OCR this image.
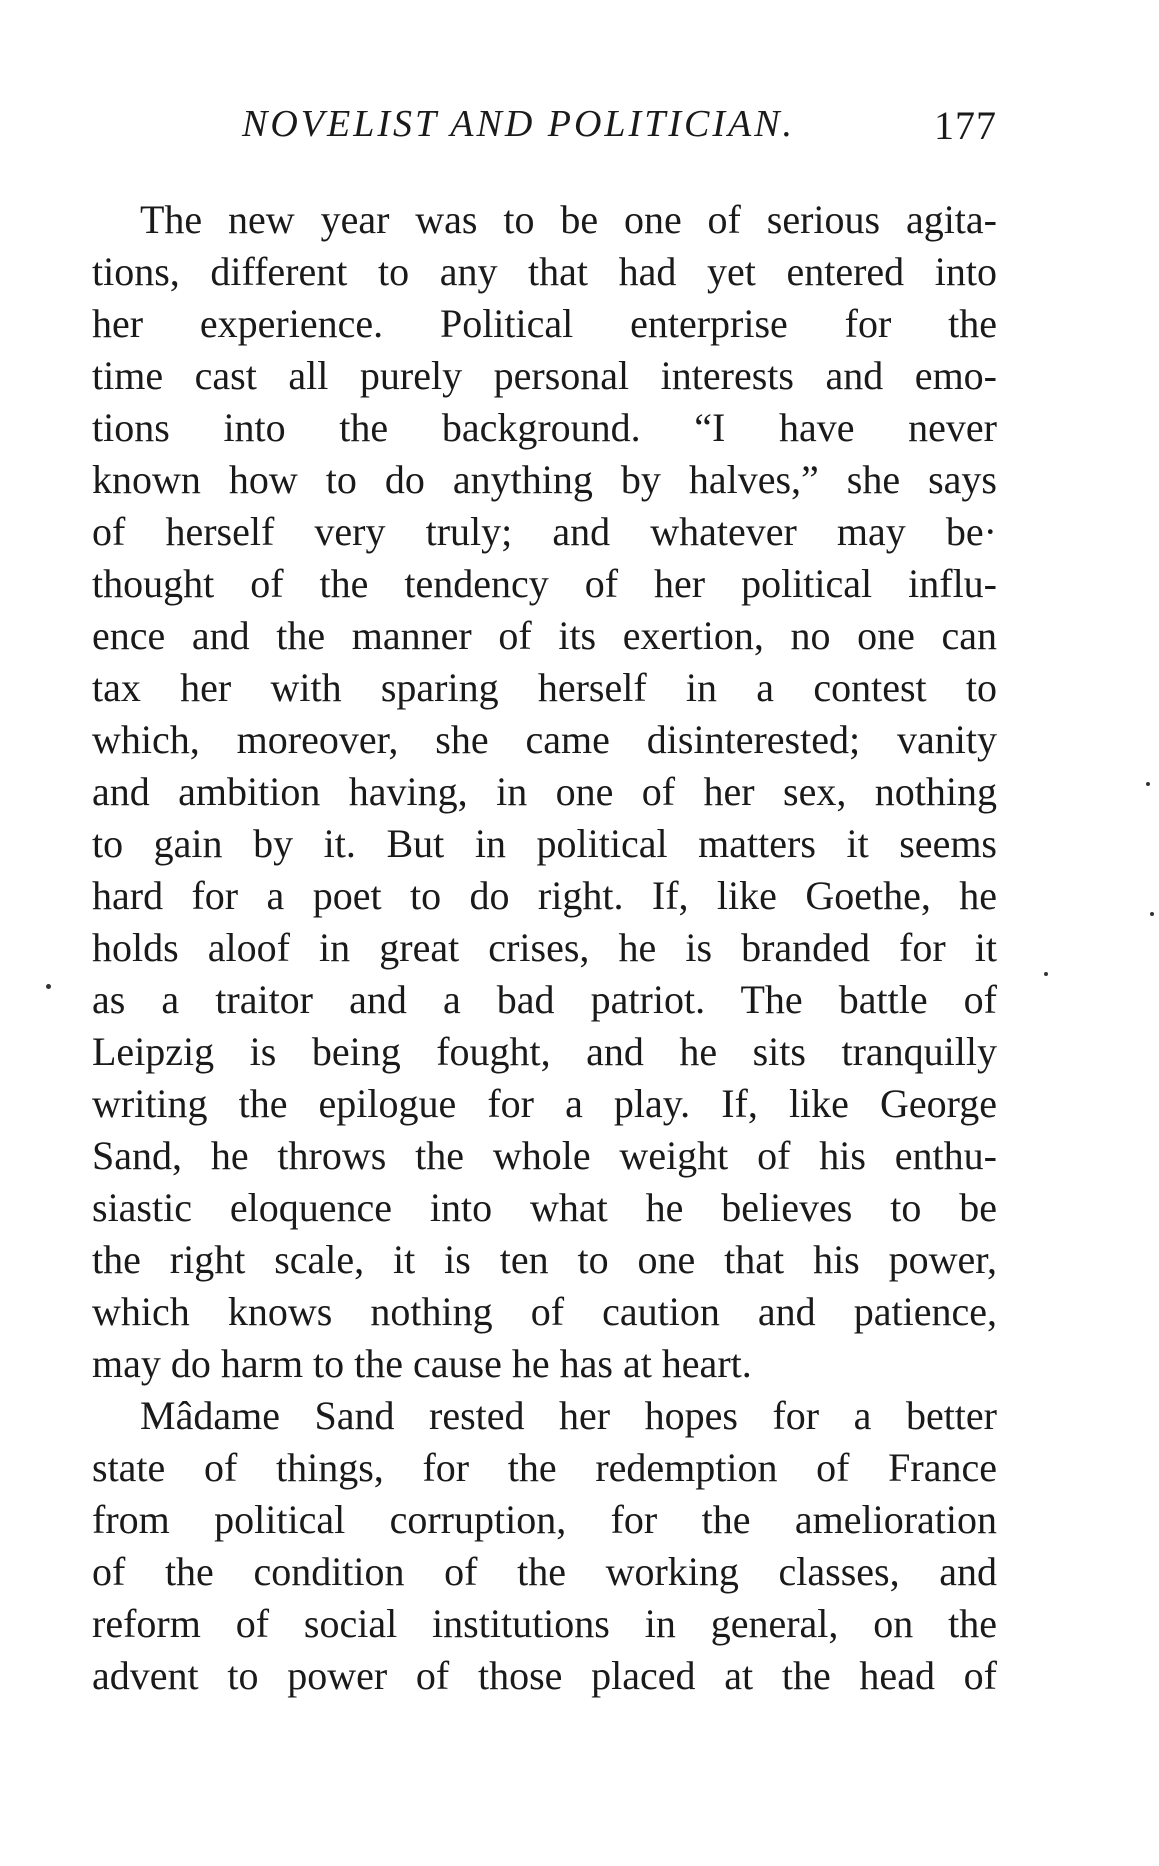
NOVELIST AND POLITICIAN.	177
The new year was to be one of serious agita-
tions, different to any that had yet entered into
her experience. Political enterprise for the
time cast all purely personal interests and emo-
tions into the background. “I have never
known how to do anything by halves,” she says
of herself very truly; and whatever may be·
thought of the tendency of her political influ-
ence and the manner of its exertion, no one can
tax her with sparing herself in a contest to
which, moreover, she came disinterested; vanity
and ambition having, in one of her sex, nothing
to gain by it. But in political matters it seems
hard for a poet to do right. If, like Goethe, he
holds aloof in great crises, he is branded for it
as a traitor and a bad patriot. The battle of
Leipzig is being fought, and he sits tranquilly
writing the epilogue for a play. If, like George
Sand, he throws the whole weight of his enthu-
siastic eloquence into what he believes to be
the right scale, it is ten to one that his power,
which knows nothing of caution and patience,
may do harm to the cause he has at heart.
Mâdame Sand rested her hopes for a better
state of things, for the redemption of France
from political corruption, for the amelioration
of the condition of the working classes, and
reform of social institutions in general, on the
advent to power of those placed at the head of
